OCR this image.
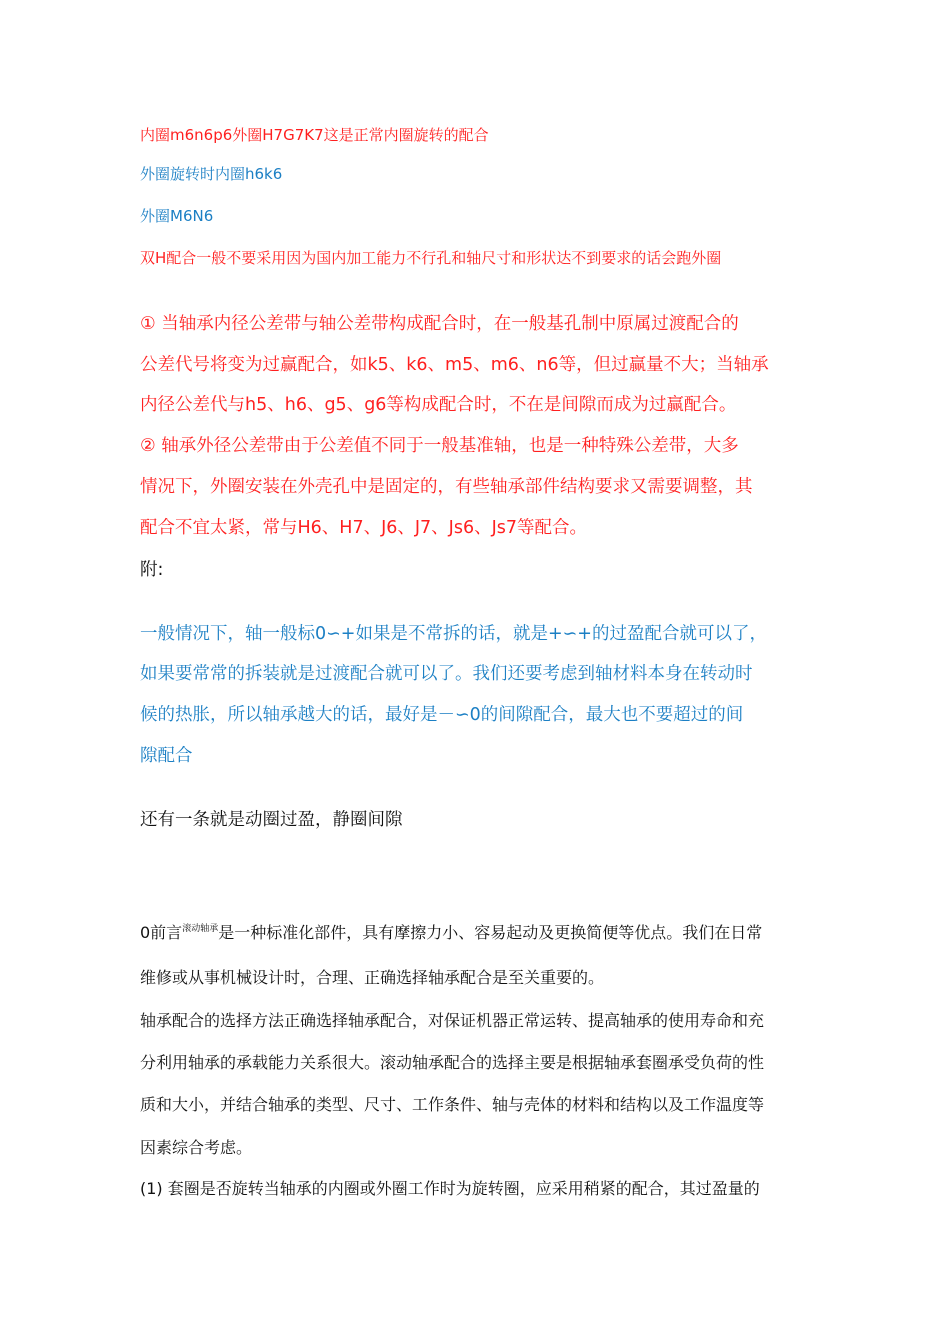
内圈m6n6p6外圈H7G7K7这是正常内圈旋转的配合

外圈旋转时内圈h6k6

外圈M6N6

双H配合一般不要采用因为国内加工能力不行孔和轴尺寸和形状达不到要求的话会跑外圈

① 当轴承内径公差带与轴公差带构成配合时，在一般基孔制中原属过渡配合的

公差代号将变为过赢配合，如k5、k6、m5、m6、n6等，但过赢量不大；当轴承

内径公差代与h5、h6、g5、g6等构成配合时，不在是间隙而成为过赢配合。

② 轴承外径公差带由于公差值不同于一般基准轴，也是一种特殊公差带，大多

情况下，外圈安装在外壳孔中是固定的，有些轴承部件结构要求又需要调整，其

配合不宜太紧，常与H6、H7、J6、J7、Js6、Js7等配合。

附:

一般情况下，轴一般标0∽+如果是不常拆的话，就是+∽+的过盈配合就可以了，

如果要常常的拆装就是过渡配合就可以了。我们还要考虑到轴材料本身在转动时

候的热胀，所以轴承越大的话，最好是－∽0的间隙配合，最大也不要超过的间

隙配合

还有一条就是动圈过盈，静圈间隙

0前言$^{滚动轴承}$是一种标准化部件，具有摩擦力小、容易起动及更换简便等优点。我们在日常

维修或从事机械设计时，合理、正确选择轴承配合是至关重要的。

轴承配合的选择方法正确选择轴承配合，对保证机器正常运转、提高轴承的使用寿命和充

分利用轴承的承载能力关系很大。滚动轴承配合的选择主要是根据轴承套圈承受负荷的性

质和大小，并结合轴承的类型、尺寸、工作条件、轴与壳体的材料和结构以及工作温度等

因素综合考虑。

(1) 套圈是否旋转当轴承的内圈或外圈工作时为旋转圈，应采用稍紧的配合，其过盈量的
